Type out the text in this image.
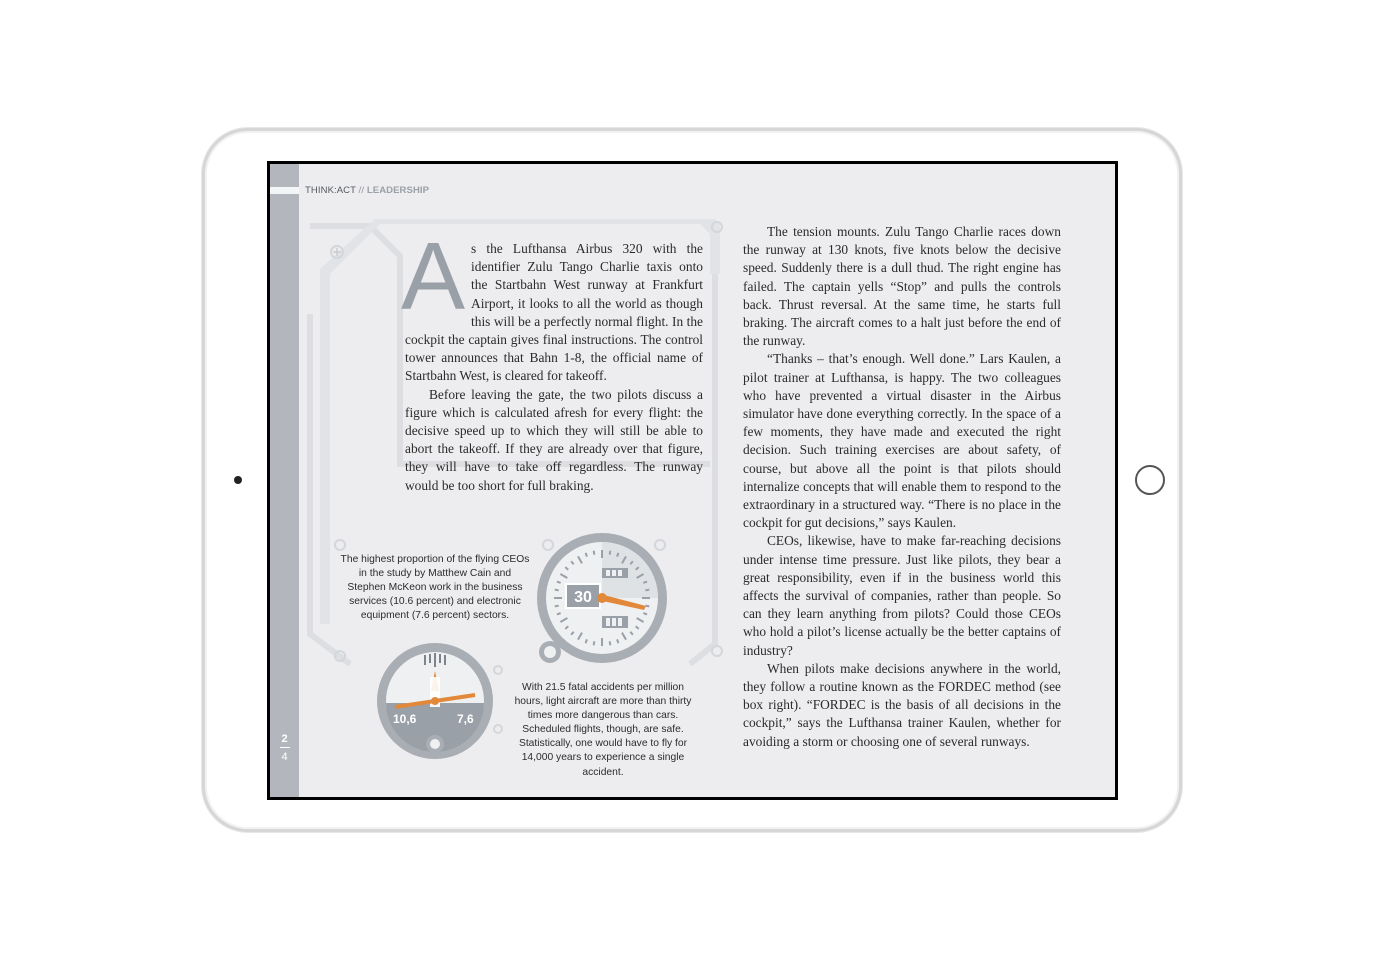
2
4
THINK:ACT // LEADERSHIP

A s the Lufthansa Airbus 320 with the identifier Zulu Tango Charlie taxis onto the Startbahn West runway at Frankfurt Airport, it looks to all the world as though this will be a perfectly normal flight. In the cockpit the captain gives final instructions. The control tower announces that Bahn 1-8, the official name of Startbahn West, is cleared for takeoff.

Before leaving the gate, the two pilots discuss a figure which is calculated afresh for every flight: the decisive speed up to which they will still be able to abort the takeoff. If they are already over that figure, they will have to take off regardless. The runway would be too short for full braking.

The tension mounts. Zulu Tango Charlie races down the runway at 130 knots, five knots below the decisive speed. Suddenly there is a dull thud. The right engine has failed. The captain yells “Stop” and pulls the controls back. Thrust reversal. At the same time, he starts full braking. The aircraft comes to a halt just before the end of the runway.

“Thanks – that’s enough. Well done.” Lars Kaulen, a pilot trainer at Lufthansa, is happy. The two colleagues who have prevented a virtual disaster in the Airbus simulator have done everything correctly. In the space of a few moments, they have made and executed the right decision. Such training exercises are about safety, of course, but above all the point is that pilots should internalize concepts that will enable them to respond to the extraordinary in a structured way. “There is no place in the cockpit for gut decisions,” says Kaulen.

CEOs, likewise, have to make far-reaching decisions under intense time pressure. Just like pilots, they bear a great responsibility, even if in the business world this affects the survival of companies, rather than people. So can they learn anything from pilots? Could those CEOs who hold a pilot’s license actually be the better captains of industry?

When pilots make decisions anywhere in the world, they follow a routine known as the FORDEC method (see box right). “FORDEC is the basis of all decisions in the cockpit,” says the Lufthansa trainer Kaulen, whether for avoiding a storm or choosing one of several runways.

The highest proportion of the flying CEOs in the study by Matthew Cain and Stephen McKeon work in the business services (10.6 percent) and electronic equipment (7.6 percent) sectors.
With 21.5 fatal accidents per million hours, light aircraft are more than thirty times more dangerous than cars. Scheduled flights, though, are safe. Statistically, one would have to fly for 14,000 years to experience a single accident.
30
10,6	7,6
